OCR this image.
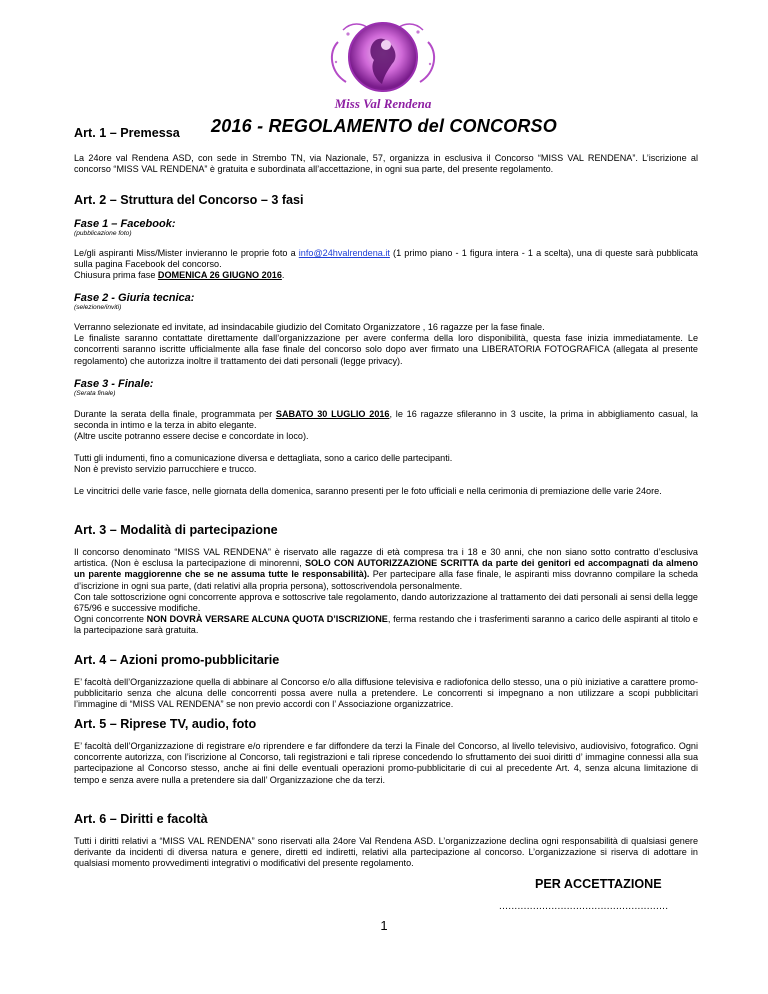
Miss Val Rendena
2016 - REGOLAMENTO del CONCORSO
Art. 1 – Premessa

La 24ore val Rendena ASD, con sede in Strembo TN, via Nazionale, 57, organizza in esclusiva il Concorso “MISS VAL RENDENA”. L’iscrizione al concorso “MISS VAL RENDENA” è gratuita e subordinata all’accettazione, in ogni sua parte, del presente regolamento.

Art. 2 – Struttura del Concorso – 3 fasi
Fase 1 – Facebook:
(pubblicazione foto)

Le/gli aspiranti Miss/Mister invieranno le proprie foto a info@24hvalrendena.it (1 primo piano - 1 figura intera - 1 a scelta), una di queste sarà pubblicata sulla pagina Facebook del concorso.
Chiusura prima fase DOMENICA 26 GIUGNO 2016.

Fase 2 - Giuria tecnica:
(selezione/inviti)

Verranno selezionate ed invitate, ad insindacabile giudizio del Comitato Organizzatore , 16 ragazze per la fase finale.

Le finaliste saranno contattate direttamente dall’organizzazione per avere conferma della loro disponibilità, questa fase inizia immediatamente. Le concorrenti saranno iscritte ufficialmente alla fase finale del concorso solo dopo aver firmato una LIBERATORIA FOTOGRAFICA (allegata al presente regolamento) che autorizza inoltre il trattamento dei dati personali (legge privacy).

Fase 3 - Finale:
(Serata finale)

Durante la serata della finale, programmata per SABATO 30 LUGLIO 2016, le 16 ragazze sfileranno in 3 uscite, la prima in abbigliamento casual, la seconda in intimo e la terza in abito elegante.
(Altre uscite potranno essere decise e concordate in loco).

Tutti gli indumenti, fino a comunicazione diversa e dettagliata, sono a carico delle partecipanti.

Non è previsto servizio parrucchiere e trucco.

Le vincitrici delle varie fasce, nelle giornata della domenica, saranno presenti per le foto ufficiali e nella cerimonia di premiazione delle varie 24ore.

Art. 3 – Modalità di partecipazione

Il concorso denominato “MISS VAL RENDENA” è riservato alle ragazze di età compresa tra i 18 e 30 anni, che non siano sotto contratto d’esclusiva artistica. (Non è esclusa la partecipazione di minorenni, SOLO CON AUTORIZZAZIONE SCRITTA da parte dei genitori ed accompagnati da almeno un parente maggiorenne che se ne assuma tutte le responsabilità). Per partecipare alla fase finale, le aspiranti miss dovranno compilare la scheda d’iscrizione in ogni sua parte, (dati relativi alla propria persona), sottoscrivendola personalmente.

Con tale sottoscrizione ogni concorrente approva e sottoscrive tale regolamento, dando autorizzazione al trattamento dei dati personali ai sensi della legge 675/96 e successive modifiche.

Ogni concorrente NON DOVRÀ VERSARE ALCUNA QUOTA D’ISCRIZIONE, ferma restando che i trasferimenti saranno a carico delle aspiranti al titolo e la partecipazione sarà gratuita.

Art. 4 – Azioni promo-pubblicitarie

E’ facoltà dell’Organizzazione quella di abbinare al Concorso e/o alla diffusione televisiva e radiofonica dello stesso, una o più iniziative a carattere promo-pubblicitario senza che alcuna delle concorrenti possa avere nulla a pretendere. Le concorrenti si impegnano a non utilizzare a scopi pubblicitari l’immagine di “MISS VAL RENDENA” se non previo accordi con l’ Associazione organizzatrice.

Art. 5 – Riprese TV, audio, foto

E’ facoltà dell’Organizzazione di registrare e/o riprendere e far diffondere da terzi la Finale del Concorso, al livello televisivo, audiovisivo, fotografico. Ogni concorrente autorizza, con l’iscrizione al Concorso, tali registrazioni e tali riprese concedendo lo sfruttamento dei suoi diritti d’ immagine connessi alla sua partecipazione al Concorso stesso, anche ai fini delle eventuali operazioni promo-pubblicitarie di cui al precedente Art. 4, senza alcuna limitazione di tempo e senza avere nulla a pretendere sia dall’ Organizzazione che da terzi.

Art. 6 – Diritti e facoltà

Tutti i diritti relativi a “MISS VAL RENDENA” sono riservati alla 24ore Val Rendena ASD. L’organizzazione declina ogni responsabilità di qualsiasi genere derivante da incidenti di diversa natura e genere, diretti ed indiretti, relativi alla partecipazione al concorso. L’organizzazione si riserva di adottare in qualsiasi momento provvedimenti integrativi o modificativi del presente regolamento.

PER ACCETTAZIONE
.......................................................
1
